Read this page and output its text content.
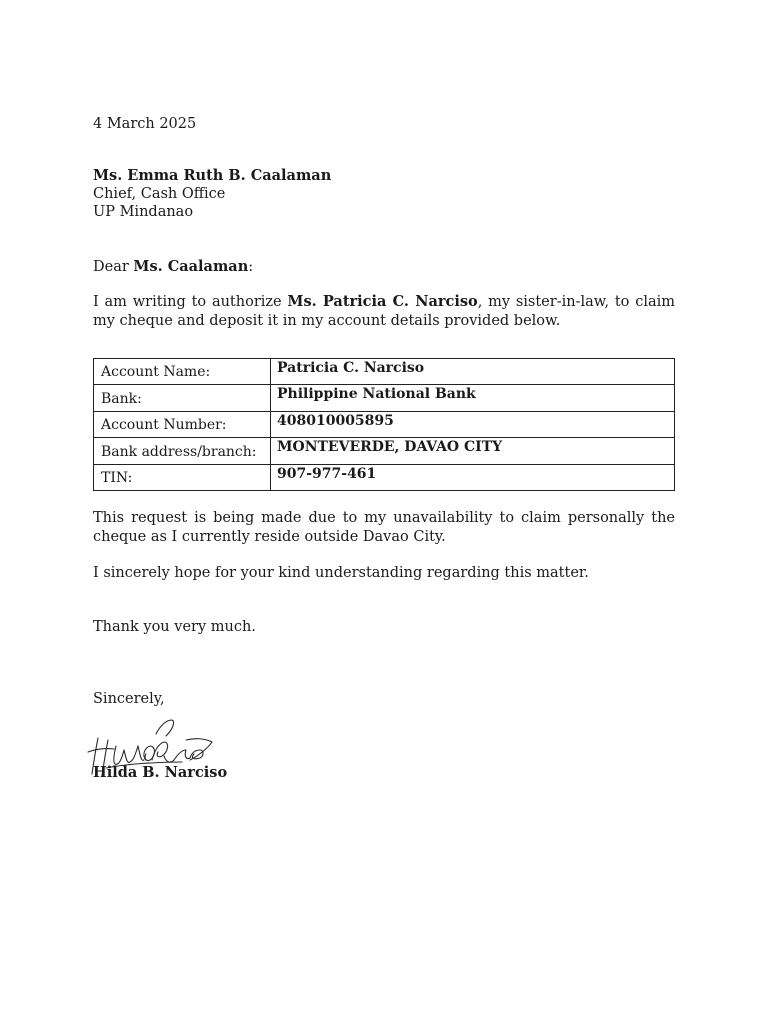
4 March 2025
Ms. Emma Ruth B. Caalaman
Chief, Cash Office
UP Mindanao
Dear Ms. Caalaman:
I am writing to authorize Ms. Patricia C. Narciso, my sister-in-law, to claim my cheque and deposit it in my account details provided below.
Account Name:	Patricia C. Narciso
Bank:	Philippine National Bank
Account Number:	408010005895
Bank address/branch:	MONTEVERDE, DAVAO CITY
TIN:	907-977-461
This request is being made due to my unavailability to claim personally the cheque as I currently reside outside Davao City.
I sincerely hope for your kind understanding regarding this matter.
Thank you very much.
Sincerely,
Hilda B. Narciso
